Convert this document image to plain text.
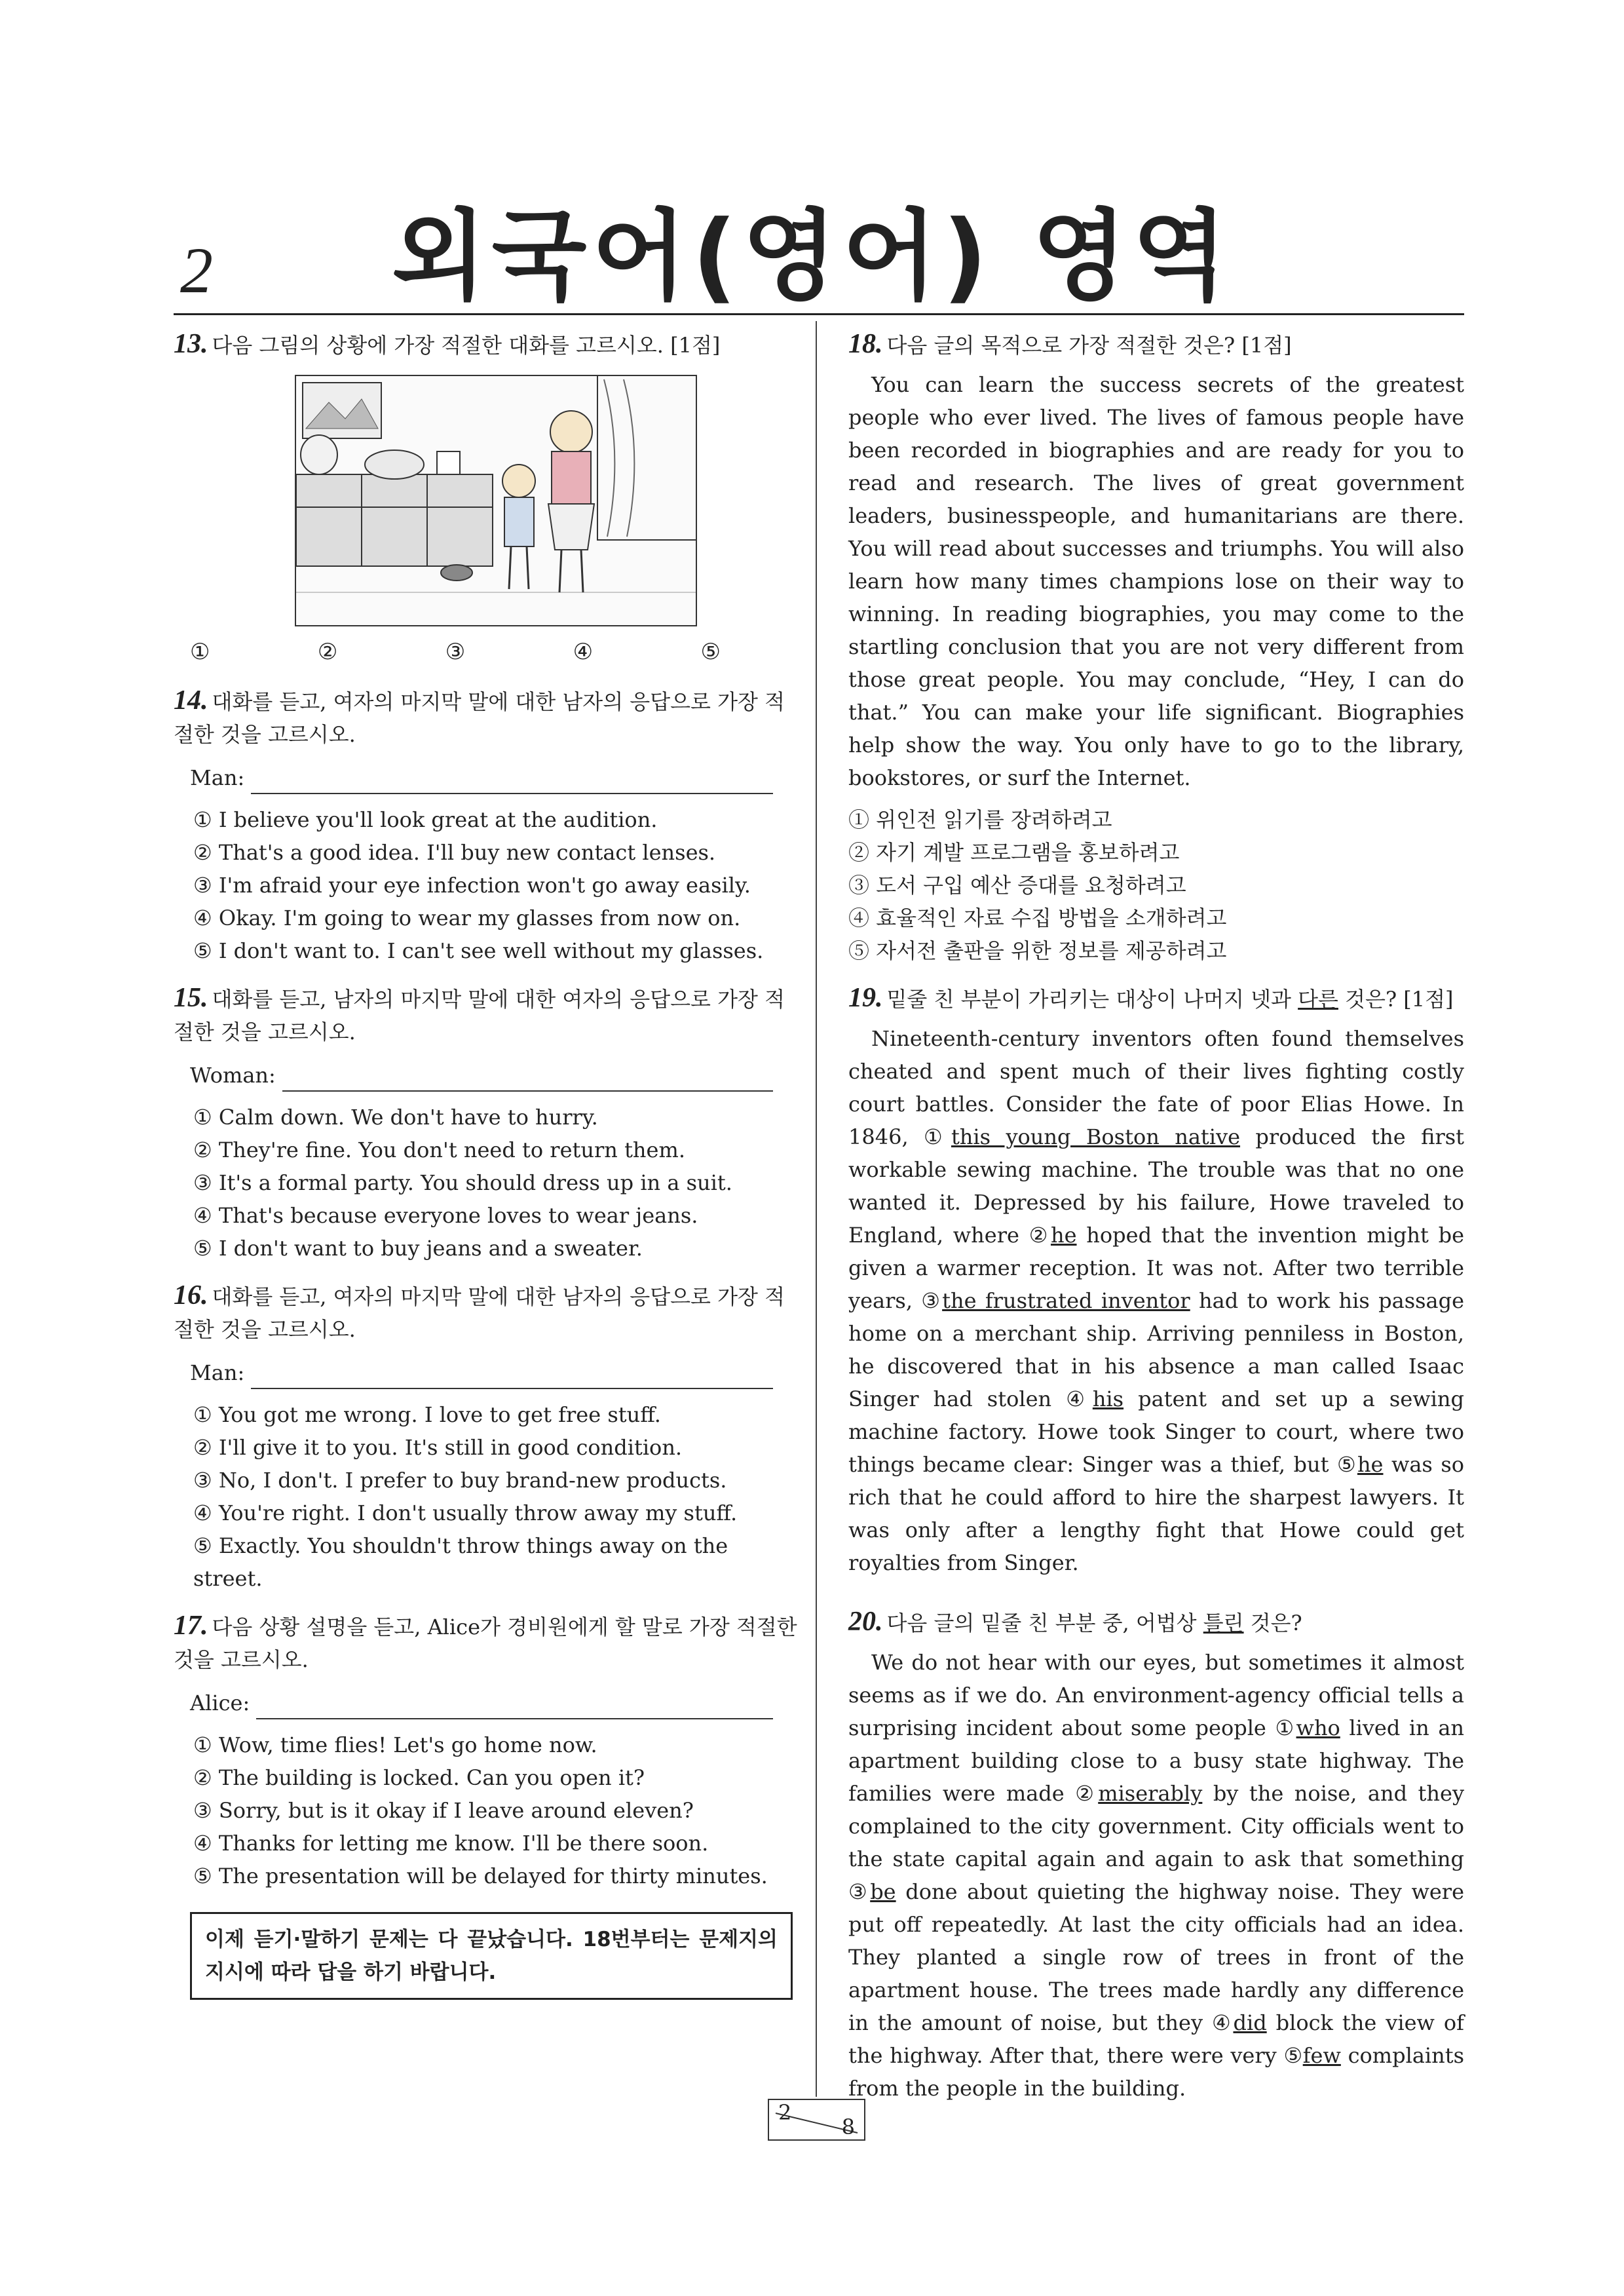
2	외국어(영어) 영역
13. 다음 그림의 상황에 가장 적절한 대화를 고르시오. [1점]
①	②	③	④	⑤
14. 대화를 듣고, 여자의 마지막 말에 대한 남자의 응답으로 가장 적절한 것을 고르시오.
Man:
① I believe you'll look great at the audition.
② That's a good idea. I'll buy new contact lenses.
③ I'm afraid your eye infection won't go away easily.
④ Okay. I'm going to wear my glasses from now on.
⑤ I don't want to. I can't see well without my glasses.
15. 대화를 듣고, 남자의 마지막 말에 대한 여자의 응답으로 가장 적절한 것을 고르시오.
Woman:
① Calm down. We don't have to hurry.
② They're fine. You don't need to return them.
③ It's a formal party. You should dress up in a suit.
④ That's because everyone loves to wear jeans.
⑤ I don't want to buy jeans and a sweater.
16. 대화를 듣고, 여자의 마지막 말에 대한 남자의 응답으로 가장 적절한 것을 고르시오.
Man:
① You got me wrong. I love to get free stuff.
② I'll give it to you. It's still in good condition.
③ No, I don't. I prefer to buy brand-new products.
④ You're right. I don't usually throw away my stuff.
⑤ Exactly. You shouldn't throw things away on the street.
17. 다음 상황 설명을 듣고, Alice가 경비원에게 할 말로 가장 적절한 것을 고르시오.
Alice:
① Wow, time flies! Let's go home now.
② The building is locked. Can you open it?
③ Sorry, but is it okay if I leave around eleven?
④ Thanks for letting me know. I'll be there soon.
⑤ The presentation will be delayed for thirty minutes.
이제 듣기·말하기 문제는 다 끝났습니다. 18번부터는 문제지의 지시에 따라 답을 하기 바랍니다.
18. 다음 글의 목적으로 가장 적절한 것은? [1점]
You can learn the success secrets of the greatest people who ever lived. The lives of famous people have been recorded in biographies and are ready for you to read and research. The lives of great government leaders, businesspeople, and humanitarians are there. You will read about successes and triumphs. You will also learn how many times champions lose on their way to winning. In reading biographies, you may come to the startling conclusion that you are not very different from those great people. You may conclude, “Hey, I can do that.” You can make your life significant. Biographies help show the way. You only have to go to the library, bookstores, or surf the Internet.
① 위인전 읽기를 장려하려고
② 자기 계발 프로그램을 홍보하려고
③ 도서 구입 예산 증대를 요청하려고
④ 효율적인 자료 수집 방법을 소개하려고
⑤ 자서전 출판을 위한 정보를 제공하려고
19. 밑줄 친 부분이 가리키는 대상이 나머지 넷과 다른 것은? [1점]
Nineteenth-century inventors often found themselves cheated and spent much of their lives fighting costly court battles. Consider the fate of poor Elias Howe. In 1846, ①this young Boston native produced the first workable sewing machine. The trouble was that no one wanted it. Depressed by his failure, Howe traveled to England, where ②he hoped that the invention might be given a warmer reception. It was not. After two terrible years, ③the frustrated inventor had to work his passage home on a merchant ship. Arriving penniless in Boston, he discovered that in his absence a man called Isaac Singer had stolen ④his patent and set up a sewing machine factory. Howe took Singer to court, where two things became clear: Singer was a thief, but ⑤he was so rich that he could afford to hire the sharpest lawyers. It was only after a lengthy fight that Howe could get royalties from Singer.
20. 다음 글의 밑줄 친 부분 중, 어법상 틀린 것은?
We do not hear with our eyes, but sometimes it almost seems as if we do. An environment-agency official tells a surprising incident about some people ①who lived in an apartment building close to a busy state highway. The families were made ②miserably by the noise, and they complained to the city government. City officials went to the state capital again and again to ask that something ③be done about quieting the highway noise. They were put off repeatedly. At last the city officials had an idea. They planted a single row of trees in front of the apartment house. The trees made hardly any difference in the amount of noise, but they ④did block the view of the highway. After that, there were very ⑤few complaints from the people in the building.
2
8
